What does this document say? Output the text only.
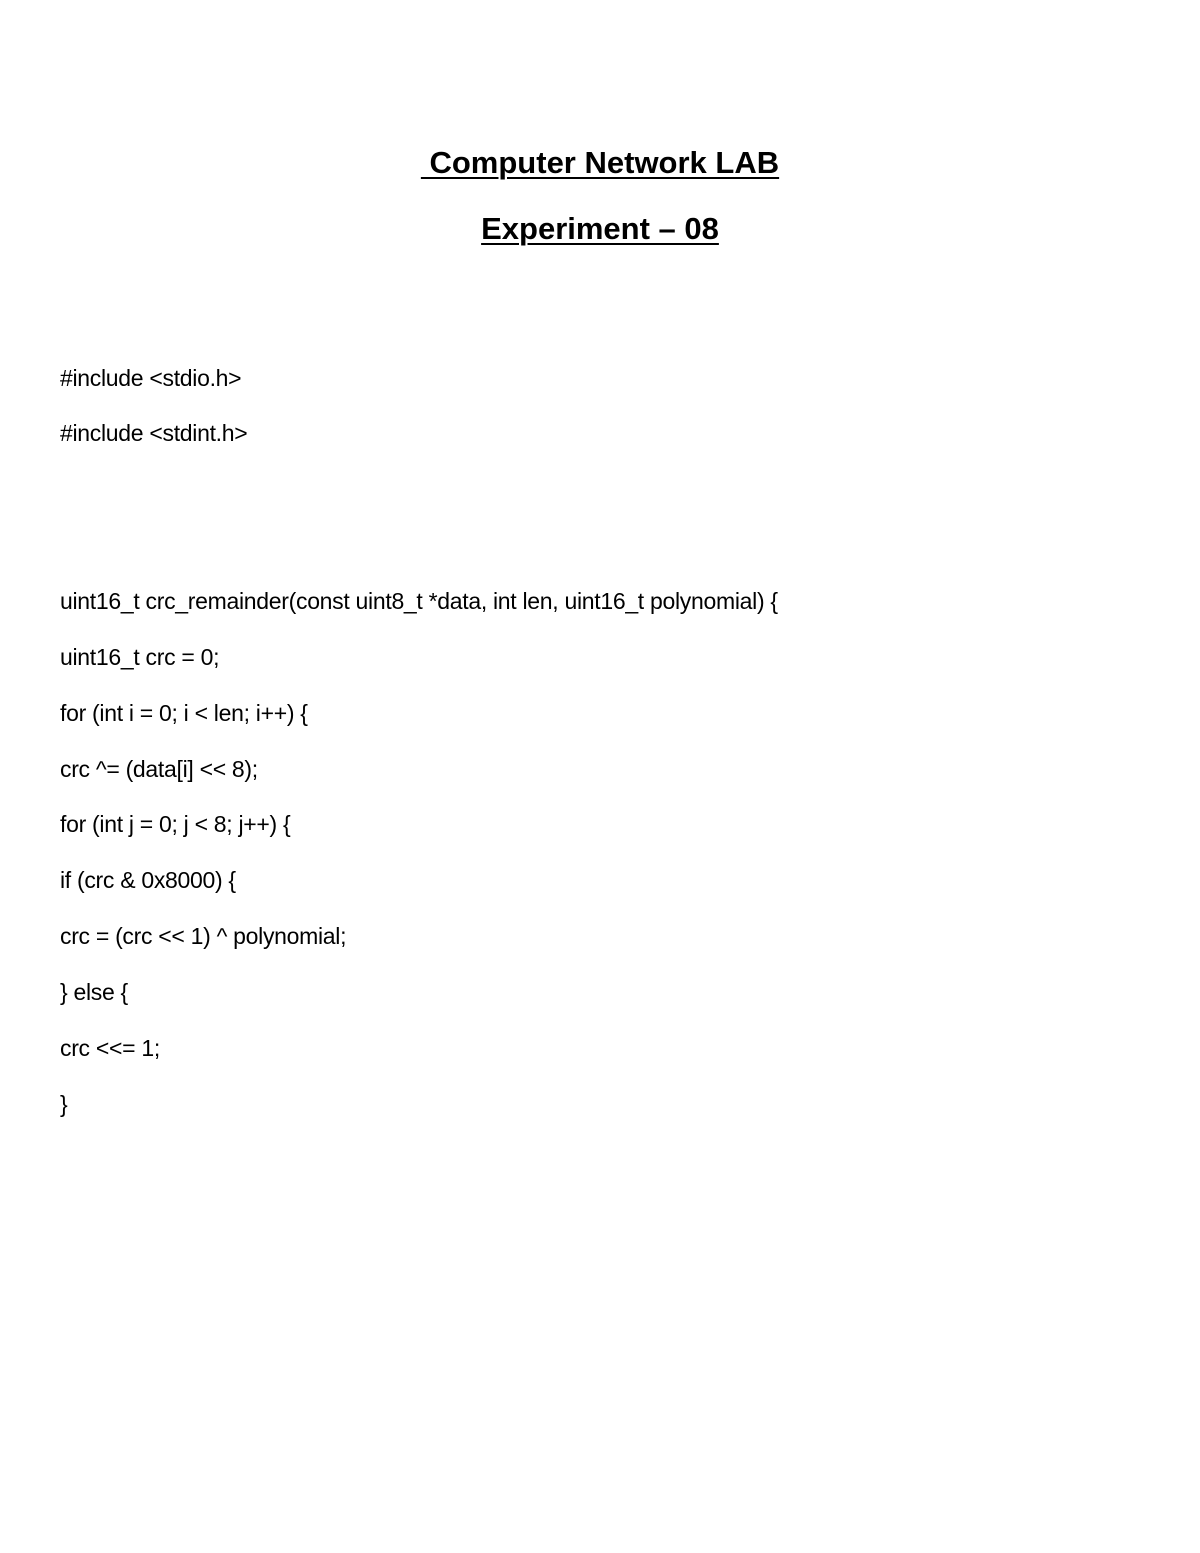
Computer Network LAB
Experiment – 08

#include <stdio.h>

#include <stdint.h>

uint16_t crc_remainder(const uint8_t *data, int len, uint16_t polynomial) {

uint16_t crc = 0;

for (int i = 0; i < len; i++) {

crc ^= (data[i] << 8);

for (int j = 0; j < 8; j++) {

if (crc & 0x8000) {

crc = (crc << 1) ^ polynomial;

} else {

crc <<= 1;

}
